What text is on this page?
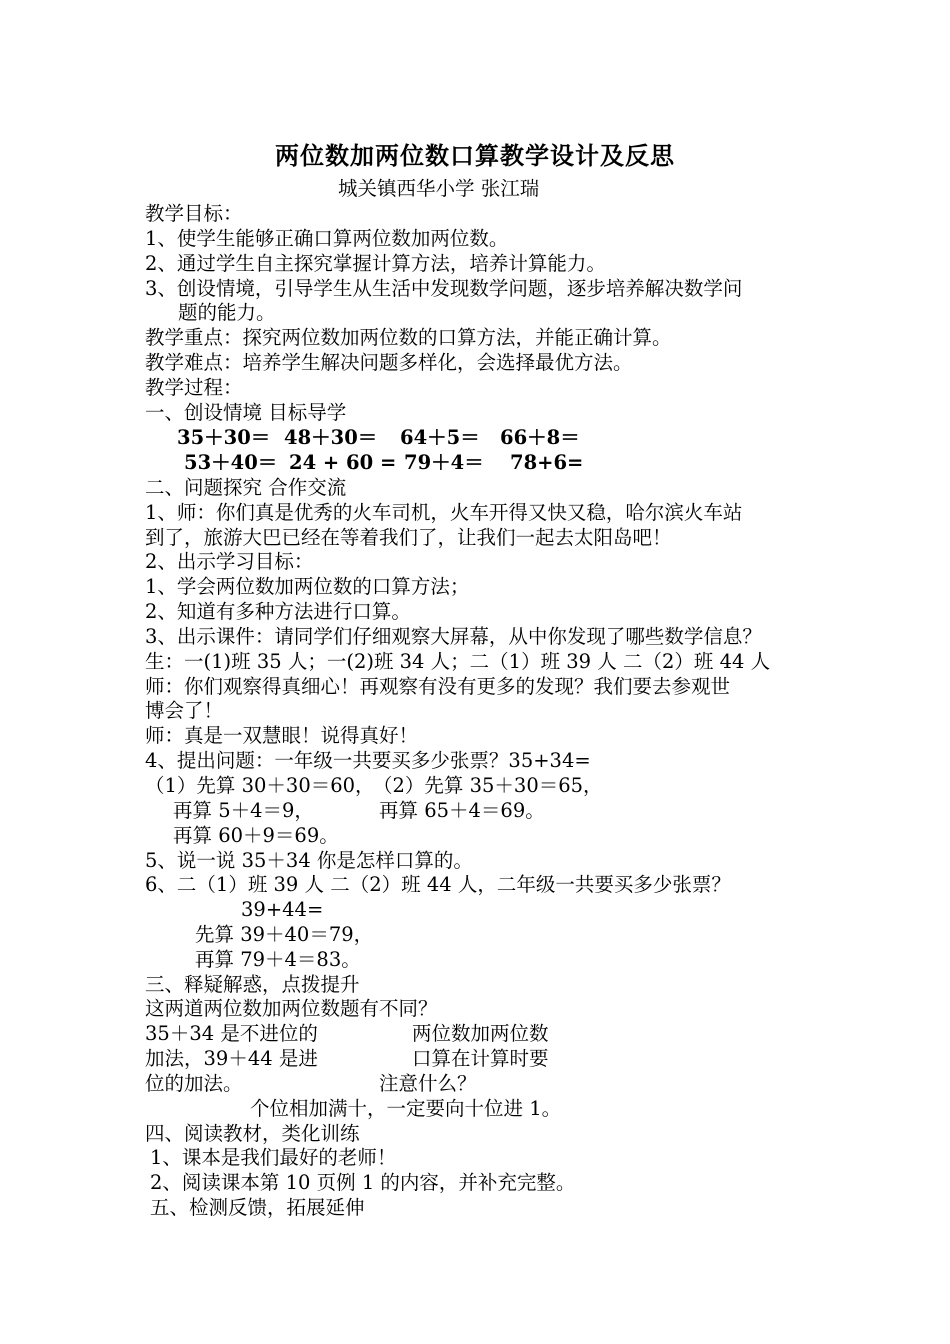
两位数加两位数口算教学设计及反思
城关镇西华小学 张江瑞
教学目标：
1、使学生能够正确口算两位数加两位数。
2、通过学生自主探究掌握计算方法，培养计算能力。
3、创设情境，引导学生从生活中发现数学问题，逐步培养解决数学问
题的能力。
教学重点：探究两位数加两位数的口算方法，并能正确计算。
教学难点：培养学生解决问题多样化，会选择最优方法。
教学过程：
一、创设情境 目标导学
35＋30＝ 48＋30＝ 64＋5＝ 66＋8＝
53＋40＝ 24 + 60 = 79＋4＝ 78+6=
二、问题探究 合作交流
1、师：你们真是优秀的火车司机，火车开得又快又稳，哈尔滨火车站
到了，旅游大巴已经在等着我们了，让我们一起去太阳岛吧！
2、出示学习目标：
1、学会两位数加两位数的口算方法；
2、知道有多种方法进行口算。
3、出示课件：请同学们仔细观察大屏幕，从中你发现了哪些数学信息？
生：一(1)班 35 人；一(2)班 34 人；二（1）班 39 人 二（2）班 44 人
师：你们观察得真细心！再观察有没有更多的发现？我们要去参观世
博会了！
师：真是一双慧眼！说得真好！
4、提出问题：一年级一共要买多少张票？35+34=
（1）先算 30＋30＝60，
（2）先算 35＋30＝65，
再算 5＋4＝9，	再算 65＋4＝69。
再算 60＋9＝69。
5、说一说 35＋34 你是怎样口算的。
6、二（1）班 39 人 二（2）班 44 人，二年级一共要买多少张票？
39+44=
先算 39＋40＝79，
再算 79＋4＝83。
三、释疑解惑，点拨提升
这两道两位数加两位数题有不同？
35＋34 是不进位的	两位数加两位数
加法，39＋44 是进	口算在计算时要
位的加法。	注意什么？
个位相加满十，一定要向十位进 1。
四、阅读教材，类化训练
1、课本是我们最好的老师！
2、阅读课本第 10 页例 1 的内容，并补充完整。
五、检测反馈，拓展延伸
